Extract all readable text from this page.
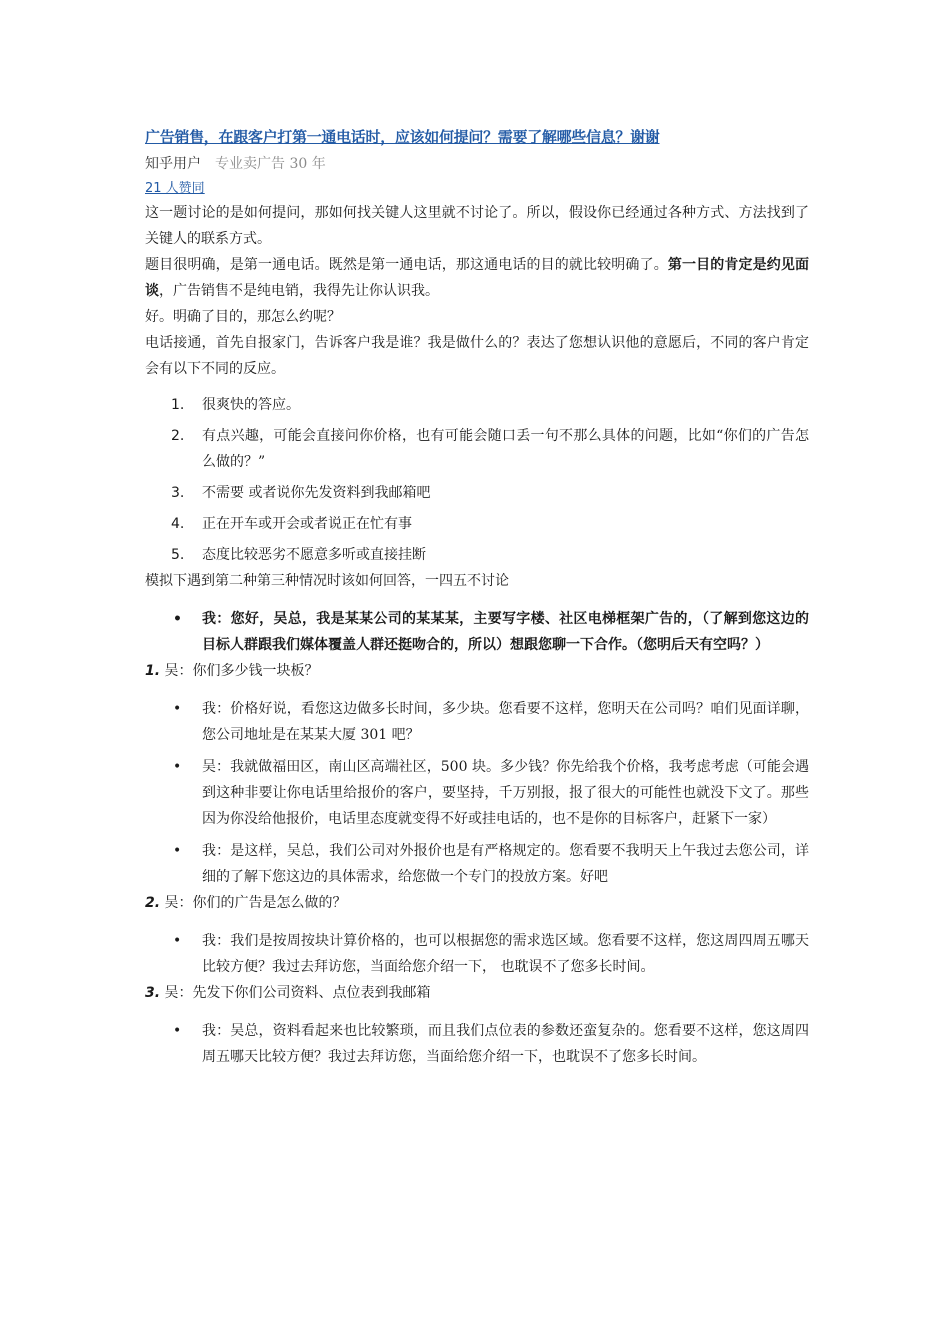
广告销售，在跟客户打第一通电话时，应该如何提问？需要了解哪些信息？谢谢
知乎用户 专业卖广告 30 年
21 人赞同

这一题讨论的是如何提问，那如何找关键人这里就不讨论了。所以，假设你已经通过各种方式、方法找到了关键人的联系方式。

题目很明确，是第一通电话。既然是第一通电话，那这通电话的目的就比较明确了。第一目的肯定是约见面谈，广告销售不是纯电销，我得先让你认识我。

好。明确了目的，那怎么约呢？

电话接通，首先自报家门，告诉客户我是谁？我是做什么的？表达了您想认识他的意愿后，不同的客户肯定会有以下不同的反应。

1. 很爽快的答应。
2. 有点兴趣，可能会直接问你价格，也有可能会随口丢一句不那么具体的问题，比如“你们的广告怎么做的？”
3. 不需要 或者说你先发资料到我邮箱吧
4. 正在开车或开会或者说正在忙有事
5. 态度比较恶劣不愿意多听或直接挂断

模拟下遇到第二种第三种情况时该如何回答，一四五不讨论

• 我：您好，吴总，我是某某公司的某某某，主要写字楼、社区电梯框架广告的，（了解到您这边的目标人群跟我们媒体覆盖人群还挺吻合的，所以）想跟您聊一下合作。（您明后天有空吗？）

1. 吴：你们多少钱一块板？

• 我：价格好说，看您这边做多长时间，多少块。您看要不这样，您明天在公司吗？咱们见面详聊，您公司地址是在某某大厦 301 吧？
• 吴：我就做福田区，南山区高端社区，500 块。多少钱？你先给我个价格，我考虑考虑（可能会遇到这种非要让你电话里给报价的客户，要坚持，千万别报，报了很大的可能性也就没下文了。那些因为你没给他报价，电话里态度就变得不好或挂电话的，也不是你的目标客户，赶紧下一家）
• 我：是这样，吴总，我们公司对外报价也是有严格规定的。您看要不我明天上午我过去您公司，详细的了解下您这边的具体需求，给您做一个专门的投放方案。好吧

2. 吴：你们的广告是怎么做的？

• 我：我们是按周按块计算价格的，也可以根据您的需求选区域。您看要不这样，您这周四周五哪天比较方便？我过去拜访您，当面给您介绍一下， 也耽误不了您多长时间。

3. 吴：先发下你们公司资料、点位表到我邮箱

• 我：吴总，资料看起来也比较繁琐，而且我们点位表的参数还蛮复杂的。您看要不这样，您这周四周五哪天比较方便？我过去拜访您，当面给您介绍一下，也耽误不了您多长时间。
